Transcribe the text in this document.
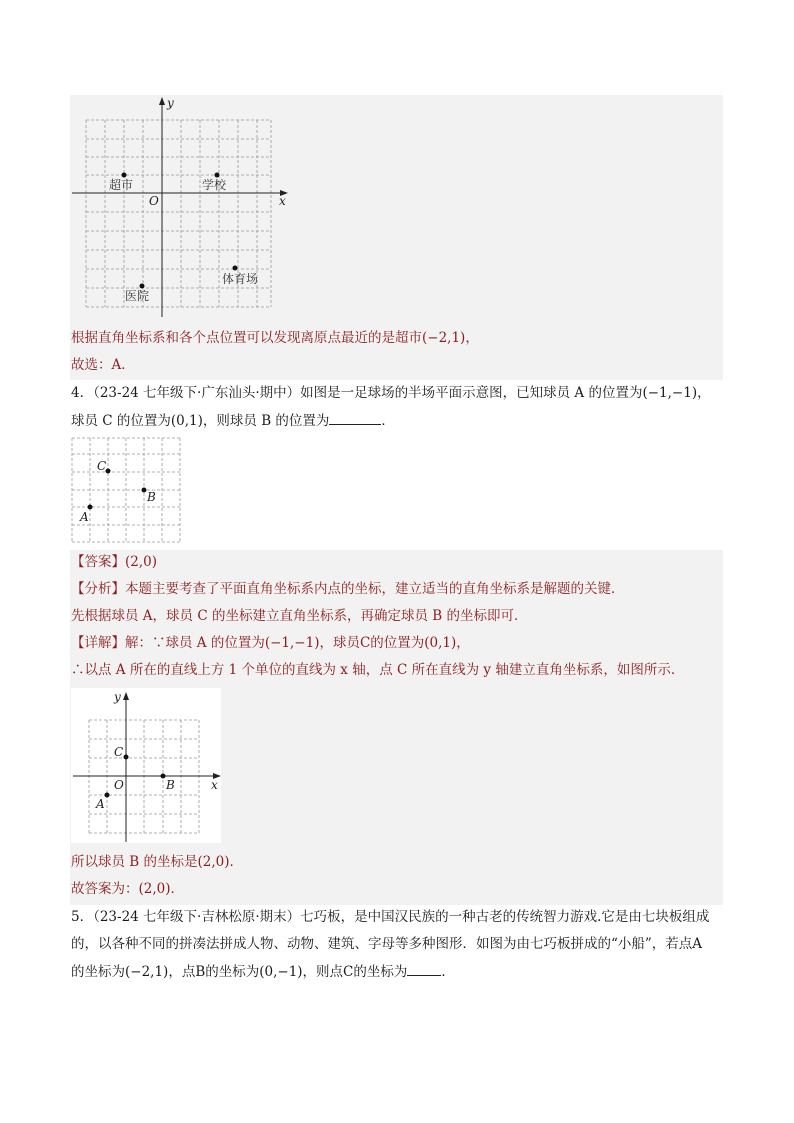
y
x
O
超市	学校
体育场
医院
根据直角坐标系和各个点位置可以发现离原点最近的是超市(−2,1)，
故选：A．
4．（23-24 七年级下·广东汕头·期中）如图是一足球场的半场平面示意图，已知球员 A 的位置为(−1,−1)，
球员 C 的位置为(0,1)，则球员 B 的位置为	．
C
B
A
【答案】(2,0)
【分析】本题主要考查了平面直角坐标系内点的坐标，建立适当的直角坐标系是解题的关键．
先根据球员 A，球员 C 的坐标建立直角坐标系，再确定球员 B 的坐标即可．
【详解】解：∵球员 A 的位置为(−1,−1)，球员C的位置为(0,1)，
∴以点 A 所在的直线上方 1 个单位的直线为 x 轴，点 C 所在直线为 y 轴建立直角坐标系，如图所示．
y
x
O
C
B
A
所以球员 B 的坐标是(2,0)．
故答案为：(2,0)．
5．（23-24 七年级下·吉林松原·期末）七巧板，是中国汉民族的一种古老的传统智力游戏.它是由七块板组成
的，以各种不同的拼凑法拼成人物、动物、建筑、字母等多种图形．如图为由七巧板拼成的“小船”，若点A
的坐标为(−2,1)，点B的坐标为(0,−1)，则点C的坐标为	．
